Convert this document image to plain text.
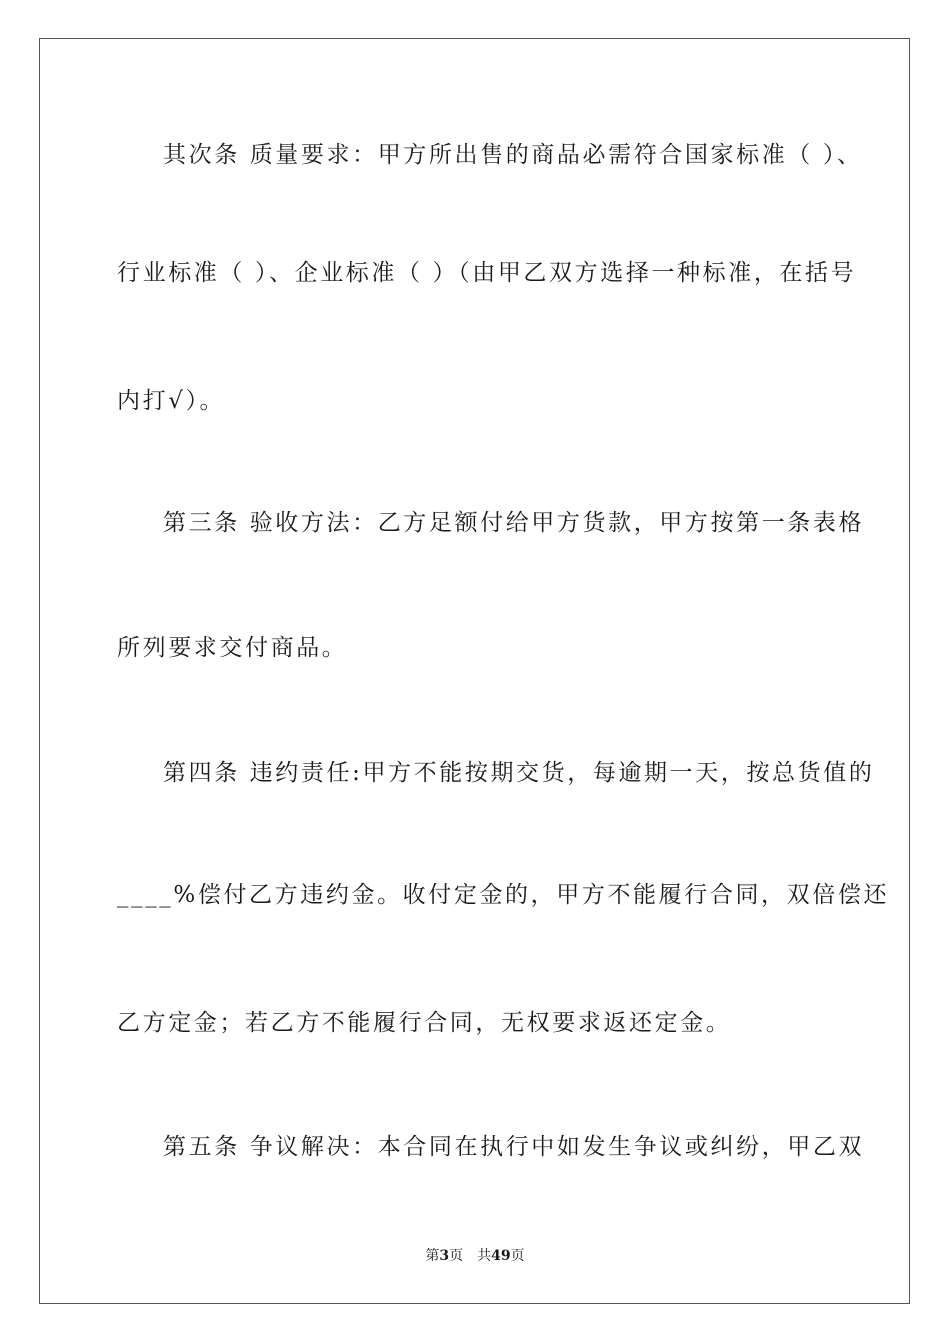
其次条 质量要求：甲方所出售的商品必需符合国家标准（ ）、
行业标准（ ）、企业标准（ ）（由甲乙双方选择一种标准，在括号
内打√）。
第三条 验收方法：乙方足额付给甲方货款，甲方按第一条表格
所列要求交付商品。
第四条 违约责任:甲方不能按期交货，每逾期一天，按总货值的
____%偿付乙方违约金。收付定金的，甲方不能履行合同，双倍偿还
乙方定金；若乙方不能履行合同，无权要求返还定金。
第五条 争议解决：本合同在执行中如发生争议或纠纷，甲乙双
第3页 共49页
